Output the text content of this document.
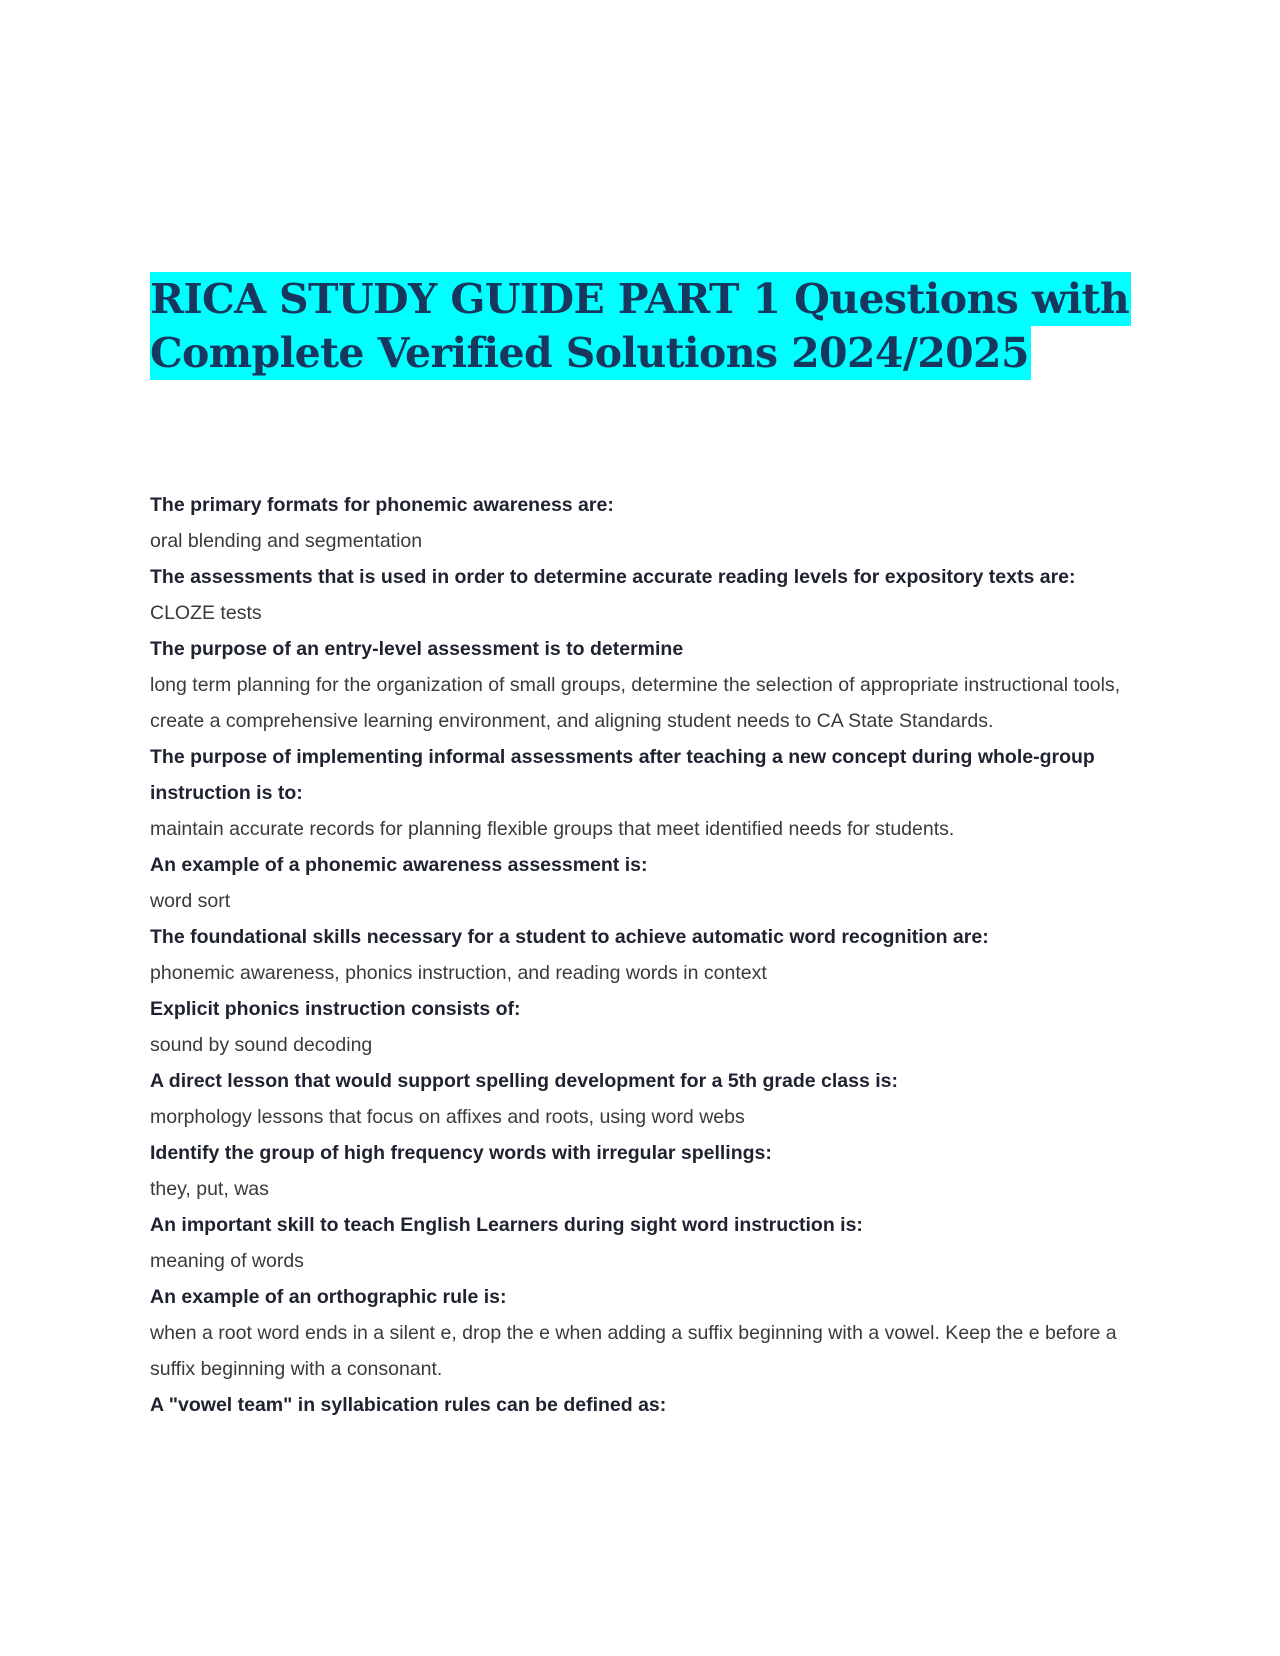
RICA STUDY GUIDE PART 1 Questions with
Complete Verified Solutions 2024/2025

The primary formats for phonemic awareness are:

oral blending and segmentation

The assessments that is used in order to determine accurate reading levels for expository texts are:

CLOZE tests

The purpose of an entry-level assessment is to determine

long term planning for the organization of small groups, determine the selection of appropriate instructional tools, create a comprehensive learning environment, and aligning student needs to CA State Standards.

The purpose of implementing informal assessments after teaching a new concept during whole-group instruction is to:

maintain accurate records for planning flexible groups that meet identified needs for students.

An example of a phonemic awareness assessment is:

word sort

The foundational skills necessary for a student to achieve automatic word recognition are:

phonemic awareness, phonics instruction, and reading words in context

Explicit phonics instruction consists of:

sound by sound decoding

A direct lesson that would support spelling development for a 5th grade class is:

morphology lessons that focus on affixes and roots, using word webs

Identify the group of high frequency words with irregular spellings:

they, put, was

An important skill to teach English Learners during sight word instruction is:

meaning of words

An example of an orthographic rule is:

when a root word ends in a silent e, drop the e when adding a suffix beginning with a vowel. Keep the e before a suffix beginning with a consonant.

A "vowel team" in syllabication rules can be defined as:
